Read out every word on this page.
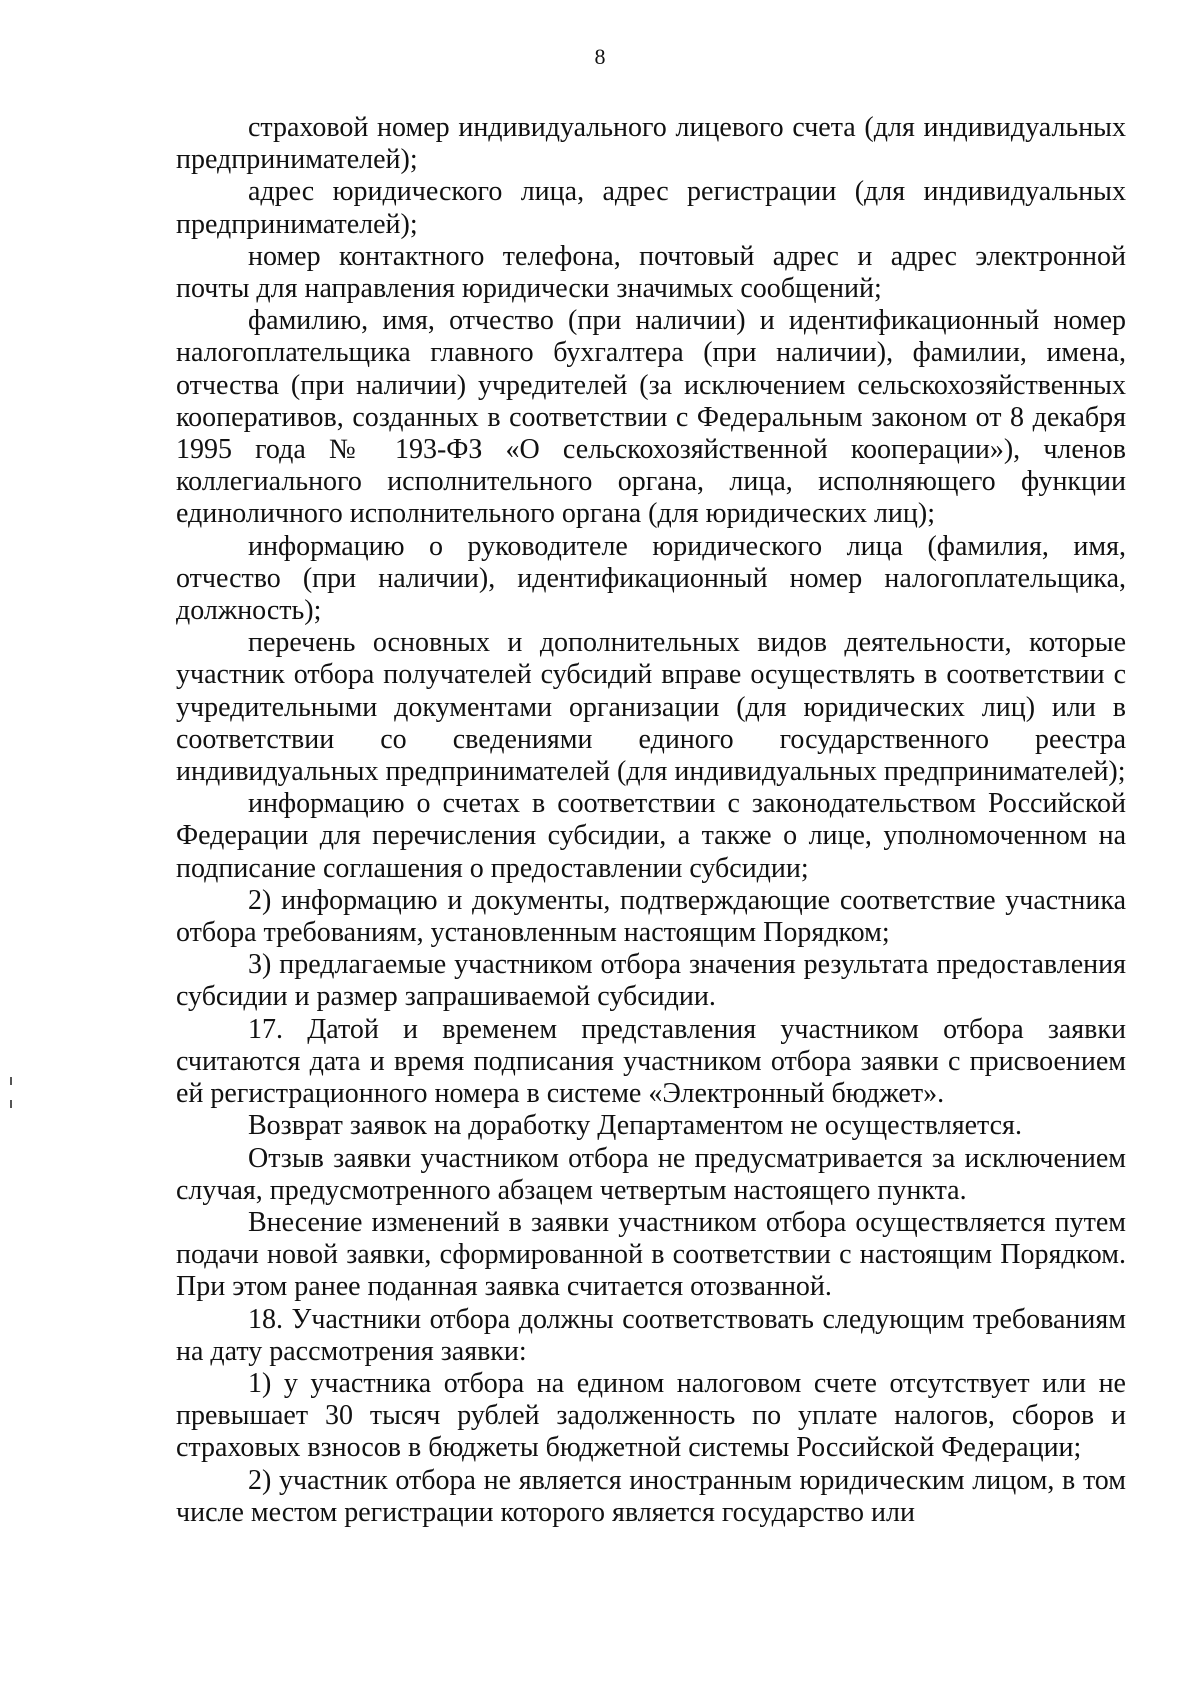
8

страховой номер индивидуального лицевого счета (для индивидуальных предпринимателей);

адрес юридического лица, адрес регистрации (для индивидуальных предпринимателей);

номер контактного телефона, почтовый адрес и адрес электронной почты для направления юридически значимых сообщений;

фамилию, имя, отчество (при наличии) и идентификационный номер налогоплательщика главного бухгалтера (при наличии), фамилии, имена, отчества (при наличии) учредителей (за исключением сельскохозяйственных кооперативов, созданных в соответствии с Федеральным законом от 8 декабря 1995 года № 193-ФЗ «О сельскохозяйственной кооперации»), членов коллегиального исполнительного органа, лица, исполняющего функции единоличного исполнительного органа (для юридических лиц);

информацию о руководителе юридического лица (фамилия, имя, отчество (при наличии), идентификационный номер налогоплательщика, должность);

перечень основных и дополнительных видов деятельности, которые участник отбора получателей субсидий вправе осуществлять в соответствии с учредительными документами организации (для юридических лиц) или в соответствии со сведениями единого государственного реестра индивидуальных предпринимателей (для индивидуальных предпринимателей);

информацию о счетах в соответствии с законодательством Российской Федерации для перечисления субсидии, а также о лице, уполномоченном на подписание соглашения о предоставлении субсидии;

2) информацию и документы, подтверждающие соответствие участника отбора требованиям, установленным настоящим Порядком;

3) предлагаемые участником отбора значения результата предоставления субсидии и размер запрашиваемой субсидии.

17. Датой и временем представления участником отбора заявки считаются дата и время подписания участником отбора заявки с присвоением ей регистрационного номера в системе «Электронный бюджет».

Возврат заявок на доработку Департаментом не осуществляется.

Отзыв заявки участником отбора не предусматривается за исключением случая, предусмотренного абзацем четвертым настоящего пункта.

Внесение изменений в заявки участником отбора осуществляется путем подачи новой заявки, сформированной в соответствии с настоящим Порядком. При этом ранее поданная заявка считается отозванной.

18. Участники отбора должны соответствовать следующим требованиям на дату рассмотрения заявки:

1) у участника отбора на едином налоговом счете отсутствует или не превышает 30 тысяч рублей задолженность по уплате налогов, сборов и страховых взносов в бюджеты бюджетной системы Российской Федерации;

2) участник отбора не является иностранным юридическим лицом, в том числе местом регистрации которого является государство или
